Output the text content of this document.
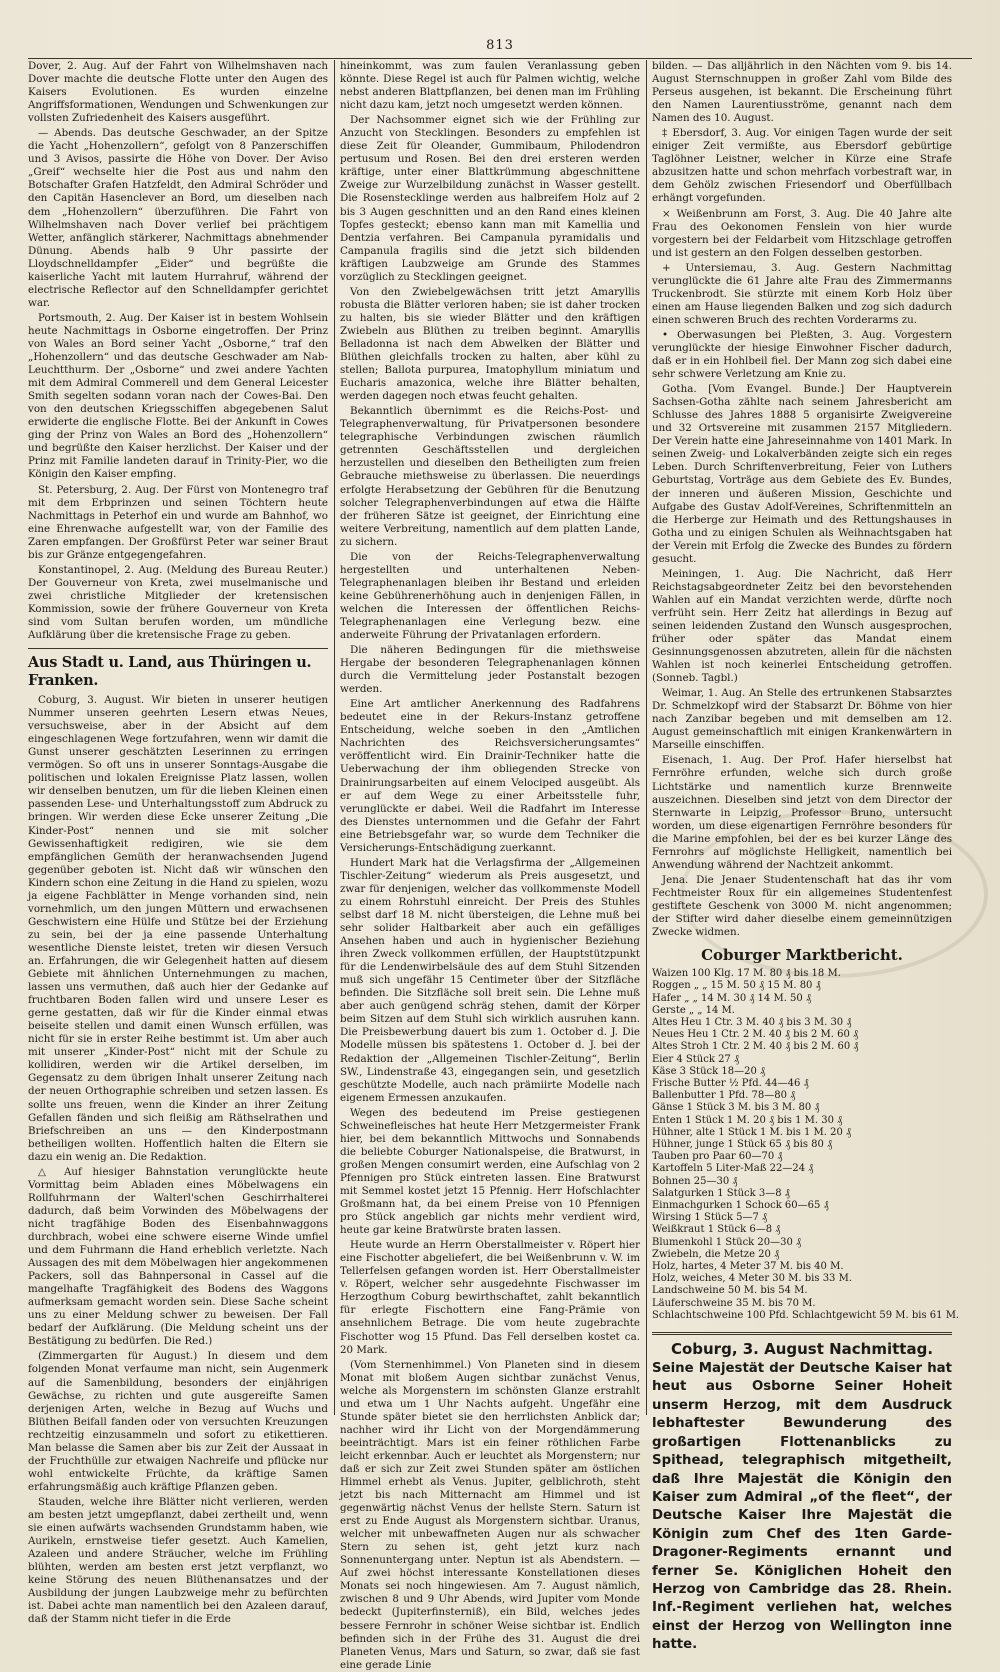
813

Dover, 2. Aug. Auf der Fahrt von Wilhelmshaven nach Dover machte die deutsche Flotte unter den Augen des Kaisers Evolutionen. Es wurden einzelne Angriffsformationen, Wendungen und Schwenkungen zur vollsten Zufriedenheit des Kaisers ausgeführt.

— Abends. Das deutsche Geschwader, an der Spitze die Yacht „Hohenzollern“, gefolgt von 8 Panzerschiffen und 3 Avisos, passirte die Höhe von Dover. Der Aviso „Greif“ wechselte hier die Post aus und nahm den Botschafter Grafen Hatzfeldt, den Admiral Schröder und den Capitän Hasenclever an Bord, um dieselben nach dem „Hohenzollern“ überzuführen. Die Fahrt von Wilhelmshaven nach Dover verlief bei prächtigem Wetter, anfänglich stärkerer, Nachmittags abnehmender Dünung. Abends halb 9 Uhr passirte der Lloydschnelldampfer „Eider“ und begrüßte die kaiserliche Yacht mit lautem Hurrahruf, während der electrische Reflector auf den Schnelldampfer gerichtet war.

Portsmouth, 2. Aug. Der Kaiser ist in bestem Wohlsein heute Nachmittags in Osborne eingetroffen. Der Prinz von Wales an Bord seiner Yacht „Osborne,“ traf den „Hohenzollern“ und das deutsche Geschwader am Nab-Leuchtthurm. Der „Osborne“ und zwei andere Yachten mit dem Admiral Commerell und dem General Leicester Smith segelten sodann voran nach der Cowes-Bai. Den von den deutschen Kriegsschiffen abgegebenen Salut erwiderte die englische Flotte. Bei der Ankunft in Cowes ging der Prinz von Wales an Bord des „Hohenzollern“ und begrüßte den Kaiser herzlichst. Der Kaiser und der Prinz mit Familie landeten darauf in Trinity-Pier, wo die Königin den Kaiser empfing.

St. Petersburg, 2. Aug. Der Fürst von Montenegro traf mit dem Erbprinzen und seinen Töchtern heute Nachmittags in Peterhof ein und wurde am Bahnhof, wo eine Ehrenwache aufgestellt war, von der Familie des Zaren empfangen. Der Großfürst Peter war seiner Braut bis zur Gränze entgegengefahren.

Konstantinopel, 2. Aug. (Meldung des Bureau Reuter.) Der Gouverneur von Kreta, zwei muselmanische und zwei christliche Mitglieder der kretensischen Kommission, sowie der frühere Gouverneur von Kreta sind vom Sultan berufen worden, um mündliche Aufklärung über die kretensische Frage zu geben.

Aus Stadt u. Land, aus Thüringen u. Franken.

Coburg, 3. August. Wir bieten in unserer heutigen Nummer unseren geehrten Lesern etwas Neues, versuchsweise, aber in der Absicht auf dem eingeschlagenen Wege fortzufahren, wenn wir damit die Gunst unserer geschätzten Leserinnen zu erringen vermögen. So oft uns in unserer Sonntags-Ausgabe die politischen und lokalen Ereignisse Platz lassen, wollen wir denselben benutzen, um für die lieben Kleinen einen passenden Lese- und Unterhaltungsstoff zum Abdruck zu bringen. Wir werden diese Ecke unserer Zeitung „Die Kinder-Post“ nennen und sie mit solcher Gewissenhaftigkeit redigiren, wie sie dem empfänglichen Gemüth der heranwachsenden Jugend gegenüber geboten ist. Nicht daß wir wünschen den Kindern schon eine Zeitung in die Hand zu spielen, wozu ja eigene Fachblätter in Menge vorhanden sind, nein vornehmlich, um den jungen Müttern und erwachsenen Geschwistern eine Hülfe und Stütze bei der Erziehung zu sein, bei der ja eine passende Unterhaltung wesentliche Dienste leistet, treten wir diesen Versuch an. Erfahrungen, die wir Gelegenheit hatten auf diesem Gebiete mit ähnlichen Unternehmungen zu machen, lassen uns vermuthen, daß auch hier der Gedanke auf fruchtbaren Boden fallen wird und unsere Leser es gerne gestatten, daß wir für die Kinder einmal etwas beiseite stellen und damit einen Wunsch erfüllen, was nicht für sie in erster Reihe bestimmt ist. Um aber auch mit unserer „Kinder-Post“ nicht mit der Schule zu kollidiren, werden wir die Artikel derselben, im Gegensatz zu dem übrigen Inhalt unserer Zeitung nach der neuen Orthographie schreiben und setzen lassen. Es sollte uns freuen, wenn die Kinder an ihrer Zeitung Gefallen fänden und sich fleißig am Räthselrathen und Briefschreiben an uns — den Kinderpostmann betheiligen wollten. Hoffentlich halten die Eltern sie dazu ein wenig an. Die Redaktion.

△ Auf hiesiger Bahnstation verunglückte heute Vormittag beim Abladen eines Möbelwagens ein Rollfuhrmann der Walterl'schen Geschirrhalterei dadurch, daß beim Vorwinden des Möbelwagens der nicht tragfähige Boden des Eisenbahnwaggons durchbrach, wobei eine schwere eiserne Winde umfiel und dem Fuhrmann die Hand erheblich verletzte. Nach Aussagen des mit dem Möbelwagen hier angekommenen Packers, soll das Bahnpersonal in Cassel auf die mangelhafte Tragfähigkeit des Bodens des Waggons aufmerksam gemacht worden sein. Diese Sache scheint uns zu einer Meldung schwer zu beweisen. Der Fall bedarf der Aufklärung. (Die Meldung scheint uns der Bestätigung zu bedürfen. Die Red.)

(Zimmergarten für August.) In diesem und dem folgenden Monat verfaume man nicht, sein Augenmerk auf die Samenbildung, besonders der einjährigen Gewächse, zu richten und gute ausgereifte Samen derjenigen Arten, welche in Bezug auf Wuchs und Blüthen Beifall fanden oder von versuchten Kreuzungen rechtzeitig einzusammeln und sofort zu etikettieren. Man belasse die Samen aber bis zur Zeit der Aussaat in der Fruchthülle zur etwaigen Nachreife und pflücke nur wohl entwickelte Früchte, da kräftige Samen erfahrungsmäßig auch kräftige Pflanzen geben.

Stauden, welche ihre Blätter nicht verlieren, werden am besten jetzt umgepflanzt, dabei zertheilt und, wenn sie einen aufwärts wachsenden Grundstamm haben, wie Aurikeln, ernstweise tiefer gesetzt. Auch Kamelien, Azaleen und andere Sträucher, welche im Frühling blühten, werden am besten erst jetzt verpflanzt, wo keine Störung des neuen Blüthenansatzes und der Ausbildung der jungen Laubzweige mehr zu befürchten ist. Dabei achte man namentlich bei den Azaleen darauf, daß der Stamm nicht tiefer in die Erde

hineinkommt, was zum faulen Veranlassung geben könnte. Diese Regel ist auch für Palmen wichtig, welche nebst anderen Blattpflanzen, bei denen man im Frühling nicht dazu kam, jetzt noch umgesetzt werden können.

Der Nachsommer eignet sich wie der Frühling zur Anzucht von Stecklingen. Besonders zu empfehlen ist diese Zeit für Oleander, Gummibaum, Philodendron pertusum und Rosen. Bei den drei ersteren werden kräftige, unter einer Blattkrümmung abgeschnittene Zweige zur Wurzelbildung zunächst in Wasser gestellt. Die Rosenstecklinge werden aus halbreifem Holz auf 2 bis 3 Augen geschnitten und an den Rand eines kleinen Topfes gesteckt; ebenso kann man mit Kamellia und Dentzia verfahren. Bei Campanula pyramidalis und Campanula fragilis sind die jetzt sich bildenden kräftigen Laubzweige am Grunde des Stammes vorzüglich zu Stecklingen geeignet.

Von den Zwiebelgewächsen tritt jetzt Amaryllis robusta die Blätter verloren haben; sie ist daher trocken zu halten, bis sie wieder Blätter und den kräftigen Zwiebeln aus Blüthen zu treiben beginnt. Amaryllis Belladonna ist nach dem Abwelken der Blätter und Blüthen gleichfalls trocken zu halten, aber kühl zu stellen; Ballota purpurea, Imatophyllum miniatum und Eucharis amazonica, welche ihre Blätter behalten, werden dagegen noch etwas feucht gehalten.

Bekanntlich übernimmt es die Reichs-Post- und Telegraphenverwaltung, für Privatpersonen besondere telegraphische Verbindungen zwischen räumlich getrennten Geschäftsstellen und dergleichen herzustellen und dieselben den Betheiligten zum freien Gebrauche miethsweise zu überlassen. Die neuerdings erfolgte Herabsetzung der Gebühren für die Benutzung solcher Telegraphenverbindungen auf etwa die Hälfte der früheren Sätze ist geeignet, der Einrichtung eine weitere Verbreitung, namentlich auf dem platten Lande, zu sichern.

Die von der Reichs-Telegraphenverwaltung hergestellten und unterhaltenen Neben-Telegraphenanlagen bleiben ihr Bestand und erleiden keine Gebührenerhöhung auch in denjenigen Fällen, in welchen die Interessen der öffentlichen Reichs-Telegraphenanlagen eine Verlegung bezw. eine anderweite Führung der Privatanlagen erfordern.

Die näheren Bedingungen für die miethsweise Hergabe der besonderen Telegraphenanlagen können durch die Vermittelung jeder Postanstalt bezogen werden.

Eine Art amtlicher Anerkennung des Radfahrens bedeutet eine in der Rekurs-Instanz getroffene Entscheidung, welche soeben in den „Amtlichen Nachrichten des Reichsversicherungsamtes“ veröffentlicht wird. Ein Drainir-Techniker hatte die Ueberwachung der ihm obliegenden Strecke von Drainirungsarbeiten auf einem Velociped ausgeübt. Als er auf dem Wege zu einer Arbeitsstelle fuhr, verunglückte er dabei. Weil die Radfahrt im Interesse des Dienstes unternommen und die Gefahr der Fahrt eine Betriebsgefahr war, so wurde dem Techniker die Versicherungs-Entschädigung zuerkannt.

Hundert Mark hat die Verlagsfirma der „Allgemeinen Tischler-Zeitung“ wiederum als Preis ausgesetzt, und zwar für denjenigen, welcher das vollkommenste Modell zu einem Rohrstuhl einreicht. Der Preis des Stuhles selbst darf 18 M. nicht übersteigen, die Lehne muß bei sehr solider Haltbarkeit aber auch ein gefälliges Ansehen haben und auch in hygienischer Beziehung ihren Zweck vollkommen erfüllen, der Hauptstützpunkt für die Lendenwirbelsäule des auf dem Stuhl Sitzenden muß sich ungefähr 15 Centimeter über der Sitzfläche befinden. Die Sitzfläche soll breit sein. Die Lehne muß aber auch genügend schräg stehen, damit der Körper beim Sitzen auf dem Stuhl sich wirklich ausruhen kann. Die Preisbewerbung dauert bis zum 1. October d. J. Die Modelle müssen bis spätestens 1. October d. J. bei der Redaktion der „Allgemeinen Tischler-Zeitung“, Berlin SW., Lindenstraße 43, eingegangen sein, und gesetzlich geschützte Modelle, auch nach prämiirte Modelle nach eigenem Ermessen anzukaufen.

Wegen des bedeutend im Preise gestiegenen Schweinefleisches hat heute Herr Metzgermeister Frank hier, bei dem bekanntlich Mittwochs und Sonnabends die beliebte Coburger Nationalspeise, die Bratwurst, in großen Mengen consumirt werden, eine Aufschlag von 2 Pfennigen pro Stück eintreten lassen. Eine Bratwurst mit Semmel kostet jetzt 15 Pfennig. Herr Hofschlachter Großmann hat, da bei einem Preise von 10 Pfennigen pro Stück angeblich gar nichts mehr verdient wird, heute gar keine Bratwürste braten lassen.

Heute wurde an Herrn Oberstallmeister v. Röpert hier eine Fischotter abgeliefert, die bei Weißenbrunn v. W. im Tellerfelsen gefangen worden ist. Herr Oberstallmeister v. Röpert, welcher sehr ausgedehnte Fischwasser im Herzogthum Coburg bewirthschaftet, zahlt bekanntlich für erlegte Fischottern eine Fang-Prämie von ansehnlichem Betrage. Die vom heute zugebrachte Fischotter wog 15 Pfund. Das Fell derselben kostet ca. 20 Mark.

(Vom Sternenhimmel.) Von Planeten sind in diesem Monat mit bloßem Augen sichtbar zunächst Venus, welche als Morgenstern im schönsten Glanze erstrahlt und etwa um 1 Uhr Nachts aufgeht. Ungefähr eine Stunde später bietet sie den herrlichsten Anblick dar; nachher wird ihr Licht von der Morgendämmerung beeinträchtigt. Mars ist ein feiner röthlichen Farbe leicht erkennbar. Auch er leuchtet als Morgenstern; nur daß er sich zur Zeit zwei Stunden später am östlichen Himmel erhebt als Venus. Jupiter, gelblichroth, steht jetzt bis nach Mitternacht am Himmel und ist gegenwärtig nächst Venus der hellste Stern. Saturn ist erst zu Ende August als Morgenstern sichtbar. Uranus, welcher mit unbewaffneten Augen nur als schwacher Stern zu sehen ist, geht jetzt kurz nach Sonnenuntergang unter. Neptun ist als Abendstern. — Auf zwei höchst interessante Konstellationen dieses Monats sei noch hingewiesen. Am 7. August nämlich, zwischen 8 und 9 Uhr Abends, wird Jupiter vom Monde bedeckt (Jupiterfinsterniß), ein Bild, welches jedes bessere Fernrohr in schöner Weise sichtbar ist. Endlich befinden sich in der Frühe des 31. August die drei Planeten Venus, Mars und Saturn, so zwar, daß sie fast eine gerade Linie

bilden. — Das alljährlich in den Nächten vom 9. bis 14. August Sternschnuppen in großer Zahl vom Bilde des Perseus ausgehen, ist bekannt. Die Erscheinung führt den Namen Laurentiusströme, genannt nach dem Namen des 10. August.

‡ Ebersdorf, 3. Aug. Vor einigen Tagen wurde der seit einiger Zeit vermißte, aus Ebersdorf gebürtige Taglöhner Leistner, welcher in Kürze eine Strafe abzusitzen hatte und schon mehrfach vorbestraft war, in dem Gehölz zwischen Friesendorf und Oberfüllbach erhängt vorgefunden.

× Weißenbrunn am Forst, 3. Aug. Die 40 Jahre alte Frau des Oekonomen Fenslein von hier wurde vorgestern bei der Feldarbeit vom Hitzschlage getroffen und ist gestern an den Folgen desselben gestorben.

+ Untersiemau, 3. Aug. Gestern Nachmittag verunglückte die 61 Jahre alte Frau des Zimmermanns Truckenbrodt. Sie stürzte mit einem Korb Holz über einen am Hause liegenden Balken und zog sich dadurch einen schweren Bruch des rechten Vorderarms zu.

• Oberwasungen bei Pleßten, 3. Aug. Vorgestern verunglückte der hiesige Einwohner Fischer dadurch, daß er in ein Hohlbeil fiel. Der Mann zog sich dabei eine sehr schwere Verletzung am Knie zu.

Gotha. [Vom Evangel. Bunde.] Der Hauptverein Sachsen-Gotha zählte nach seinem Jahresbericht am Schlusse des Jahres 1888 5 organisirte Zweigvereine und 32 Ortsvereine mit zusammen 2157 Mitgliedern. Der Verein hatte eine Jahreseinnahme von 1401 Mark. In seinen Zweig- und Lokalverbänden zeigte sich ein reges Leben. Durch Schriftenverbreitung, Feier von Luthers Geburtstag, Vorträge aus dem Gebiete des Ev. Bundes, der inneren und äußeren Mission, Geschichte und Aufgabe des Gustav Adolf-Vereines, Schriftenmitteln an die Herberge zur Heimath und des Rettungshauses in Gotha und zu einigen Schulen als Weihnachtsgaben hat der Verein mit Erfolg die Zwecke des Bundes zu fördern gesucht.

Meiningen, 1. Aug. Die Nachricht, daß Herr Reichstagsabgeordneter Zeitz bei den bevorstehenden Wahlen auf ein Mandat verzichten werde, dürfte noch verfrüht sein. Herr Zeitz hat allerdings in Bezug auf seinen leidenden Zustand den Wunsch ausgesprochen, früher oder später das Mandat einem Gesinnungsgenossen abzutreten, allein für die nächsten Wahlen ist noch keinerlei Entscheidung getroffen. (Sonneb. Tagbl.)

Weimar, 1. Aug. An Stelle des ertrunkenen Stabsarztes Dr. Schmelzkopf wird der Stabsarzt Dr. Böhme von hier nach Zanzibar begeben und mit demselben am 12. August gemeinschaftlich mit einigen Krankenwärtern in Marseille einschiffen.

Eisenach, 1. Aug. Der Prof. Hafer hierselbst hat Fernröhre erfunden, welche sich durch große Lichtstärke und namentlich kurze Brennweite auszeichnen. Dieselben sind jetzt von dem Director der Sternwarte in Leipzig, Professor Bruno, untersucht worden, um diese eigenartigen Fernröhre besonders für die Marine empfohlen, bei der es bei kurzer Länge des Fernrohrs auf möglichste Helligkeit, namentlich bei Anwendung während der Nachtzeit ankommt.

Jena. Die Jenaer Studentenschaft hat das ihr vom Fechtmeister Roux für ein allgemeines Studentenfest gestiftete Geschenk von 3000 M. nicht angenommen; der Stifter wird daher dieselbe einem gemeinnützigen Zwecke widmen.

Coburger Marktbericht.
Waizen 100 Klg. 17 M. 80 ₰ bis 18 M.
Roggen „ „ 15 M. 50 ₰ 15 M. 80 ₰
Hafer „ „ 14 M. 30 ₰ 14 M. 50 ₰
Gerste „ „ 14 M.
Altes Heu 1 Ctr. 3 M. 40 ₰ bis 3 M. 30 ₰
Neues Heu 1 Ctr. 2 M. 40 ₰ bis 2 M. 60 ₰
Altes Stroh 1 Ctr. 2 M. 40 ₰ bis 2 M. 60 ₰
Eier 4 Stück 27 ₰
Käse 3 Stück 18—20 ₰
Frische Butter ½ Pfd. 44—46 ₰
Ballenbutter 1 Pfd. 78—80 ₰
Gänse 1 Stück 3 M. bis 3 M. 80 ₰
Enten 1 Stück 1 M. 20 ₰ bis 1 M. 30 ₰
Hühner, alte 1 Stück 1 M. bis 1 M. 20 ₰
Hühner, junge 1 Stück 65 ₰ bis 80 ₰
Tauben pro Paar 60—70 ₰
Kartoffeln 5 Liter-Maß 22—24 ₰
Bohnen 25—30 ₰
Salatgurken 1 Stück 3—8 ₰
Einmachgurken 1 Schock 60—65 ₰
Wirsing 1 Stück 5—7 ₰
Weißkraut 1 Stück 6—8 ₰
Blumenkohl 1 Stück 20—30 ₰
Zwiebeln, die Metze 20 ₰
Holz, hartes, 4 Meter 37 M. bis 40 M.
Holz, weiches, 4 Meter 30 M. bis 33 M.
Landschweine 50 M. bis 54 M.
Läuferschweine 35 M. bis 70 M.
Schlachtschweine 100 Pfd. Schlachtgewicht 59 M. bis 61 M.
Coburg, 3. August Nachmittag.
Seine Majestät der Deutsche Kaiser hat heut aus Osborne Seiner Hoheit unserm Herzog, mit dem Ausdruck lebhaftester Bewunderung des großartigen Flottenanblicks zu Spithead, telegraphisch mitgetheilt, daß Ihre Majestät die Königin den Kaiser zum Admiral „of the fleet“, der Deutsche Kaiser Ihre Majestät die Königin zum Chef des 1ten Garde-Dragoner-Regiments ernannt und ferner Se. Königlichen Hoheit den Herzog von Cambridge das 28. Rhein. Inf.-Regiment verliehen hat, welches einst der Herzog von Wellington inne hatte.
